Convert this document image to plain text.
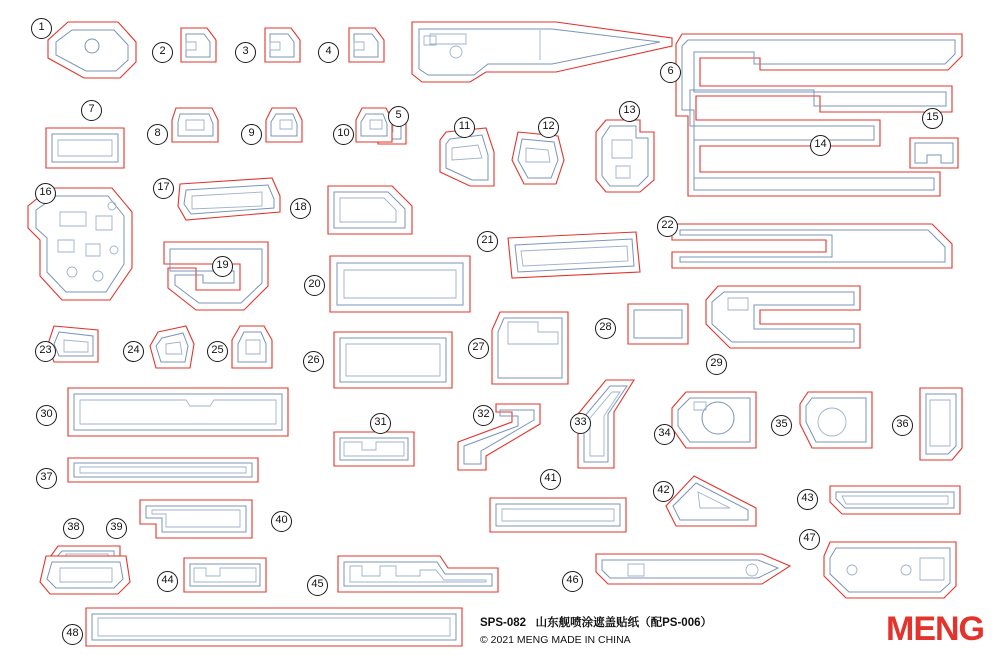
1
2	3	4
5
6
7
8	9	10
11	12
13
14
15
16	17
18
19
20
21
22
23	24	25
26
27
28
29
30
31
32
33
34
35	36
37
38	39
40
41
42
43
44	45	46
47
48
SPS-082 山东舰喷涂遮盖贴纸（配PS-006）
© 2021 MENG MADE IN CHINA	MENG
